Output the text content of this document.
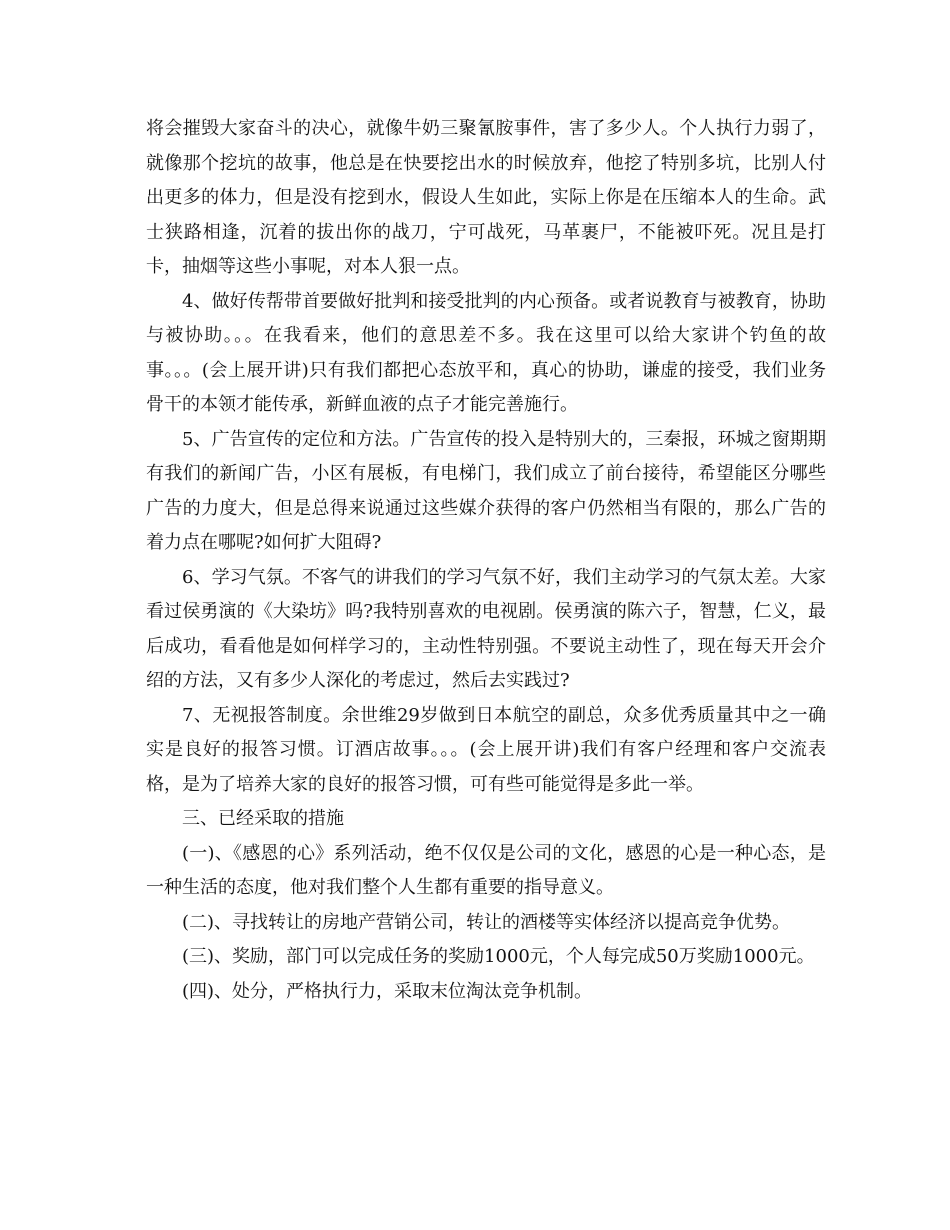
将会摧毁大家奋斗的决心，就像牛奶三聚氰胺事件，害了多少人。个人执行力弱了，就像那个挖坑的故事，他总是在快要挖出水的时候放弃，他挖了特别多坑，比别人付出更多的体力，但是没有挖到水，假设人生如此，实际上你是在压缩本人的生命。武士狭路相逢，沉着的拔出你的战刀，宁可战死，马革裹尸，不能被吓死。况且是打卡，抽烟等这些小事呢，对本人狠一点。

4、做好传帮带首要做好批判和接受批判的内心预备。或者说教育与被教育，协助与被协助。。。在我看来，他们的意思差不多。我在这里可以给大家讲个钓鱼的故事。。。(会上展开讲)只有我们都把心态放平和，真心的协助，谦虚的接受，我们业务骨干的本领才能传承，新鲜血液的点子才能完善施行。

5、广告宣传的定位和方法。广告宣传的投入是特别大的，三秦报，环城之窗期期有我们的新闻广告，小区有展板，有电梯门，我们成立了前台接待，希望能区分哪些广告的力度大，但是总得来说通过这些媒介获得的客户仍然相当有限的，那么广告的着力点在哪呢?如何扩大阻碍?

6、学习气氛。不客气的讲我们的学习气氛不好，我们主动学习的气氛太差。大家看过侯勇演的《大染坊》吗?我特别喜欢的电视剧。侯勇演的陈六子，智慧，仁义，最后成功，看看他是如何样学习的，主动性特别强。不要说主动性了，现在每天开会介绍的方法，又有多少人深化的考虑过，然后去实践过?

7、无视报答制度。余世维29岁做到日本航空的副总，众多优秀质量其中之一确实是良好的报答习惯。订酒店故事。。。(会上展开讲)我们有客户经理和客户交流表格，是为了培养大家的良好的报答习惯，可有些可能觉得是多此一举。

三、已经采取的措施

(一)、《感恩的心》系列活动，绝不仅仅是公司的文化，感恩的心是一种心态，是一种生活的态度，他对我们整个人生都有重要的指导意义。

(二)、寻找转让的房地产营销公司，转让的酒楼等实体经济以提高竞争优势。

(三)、奖励，部门可以完成任务的奖励1000元，个人每完成50万奖励1000元。

(四)、处分，严格执行力，采取末位淘汰竞争机制。
